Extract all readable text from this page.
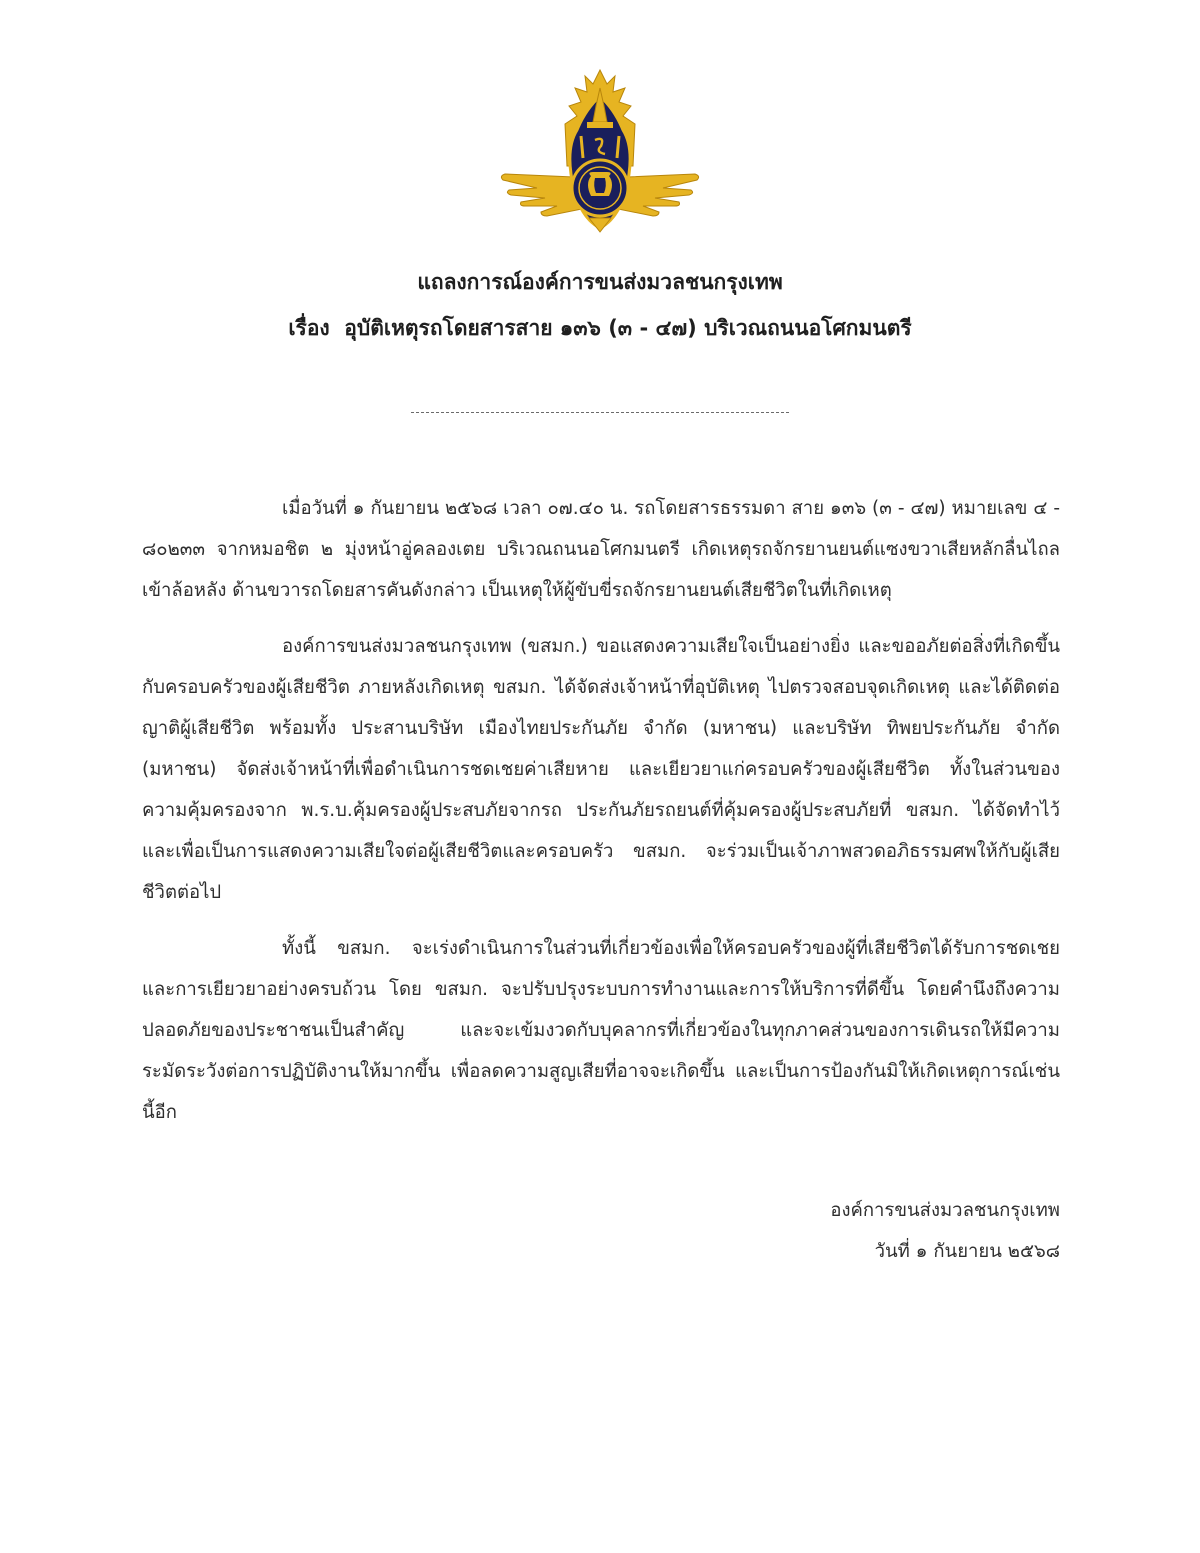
แถลงการณ์องค์การขนส่งมวลชนกรุงเทพ
เรื่อง  อุบัติเหตุรถโดยสารสาย ๑๓๖ (๓ - ๔๗) บริเวณถนนอโศกมนตรี

เมื่อวันที่ ๑ กันยายน ๒๕๖๘ เวลา ๐๗.๔๐ น. รถโดยสารธรรมดา สาย ๑๓๖ (๓ - ๔๗) หมายเลข ๔ - ๘๐๒๓๓ จากหมอชิต ๒ มุ่งหน้าอู่คลองเตย บริเวณถนนอโศกมนตรี เกิดเหตุรถจักรยานยนต์แซงขวาเสียหลักลื่นไถลเข้าล้อหลัง ด้านขวารถโดยสารคันดังกล่าว เป็นเหตุให้ผู้ขับขี่รถจักรยานยนต์เสียชีวิตในที่เกิดเหตุ

องค์การขนส่งมวลชนกรุงเทพ (ขสมก.) ขอแสดงความเสียใจเป็นอย่างยิ่ง และขออภัยต่อสิ่งที่เกิดขึ้นกับครอบครัวของผู้เสียชีวิต ภายหลังเกิดเหตุ ขสมก. ได้จัดส่งเจ้าหน้าที่อุบัติเหตุ ไปตรวจสอบจุดเกิดเหตุ และได้ติดต่อญาติผู้เสียชีวิต พร้อมทั้ง ประสานบริษัท เมืองไทยประกันภัย จำกัด (มหาชน) และบริษัท ทิพยประกันภัย จำกัด (มหาชน) จัดส่งเจ้าหน้าที่เพื่อดำเนินการชดเชยค่าเสียหาย และเยียวยาแก่ครอบครัวของผู้เสียชีวิต ทั้งในส่วนของความคุ้มครองจาก พ.ร.บ.คุ้มครองผู้ประสบภัยจากรถ ประกันภัยรถยนต์ที่คุ้มครองผู้ประสบภัยที่ ขสมก. ได้จัดทำไว้ และเพื่อเป็นการแสดงความเสียใจต่อผู้เสียชีวิตและครอบครัว ขสมก. จะร่วมเป็นเจ้าภาพสวดอภิธรรมศพให้กับผู้เสียชีวิตต่อไป

ทั้งนี้ ขสมก. จะเร่งดำเนินการในส่วนที่เกี่ยวข้องเพื่อให้ครอบครัวของผู้ที่เสียชีวิตได้รับการชดเชยและการเยียวยาอย่างครบถ้วน โดย ขสมก. จะปรับปรุงระบบการทำงานและการให้บริการที่ดีขึ้น โดยคำนึงถึงความปลอดภัยของประชาชนเป็นสำคัญ และจะเข้มงวดกับบุคลากรที่เกี่ยวข้องในทุกภาคส่วนของการเดินรถให้มีความระมัดระวังต่อการปฏิบัติงานให้มากขึ้น เพื่อลดความสูญเสียที่อาจจะเกิดขึ้น และเป็นการป้องกันมิให้เกิดเหตุการณ์เช่นนี้อีก

องค์การขนส่งมวลชนกรุงเทพ
วันที่ ๑ กันยายน ๒๕๖๘
